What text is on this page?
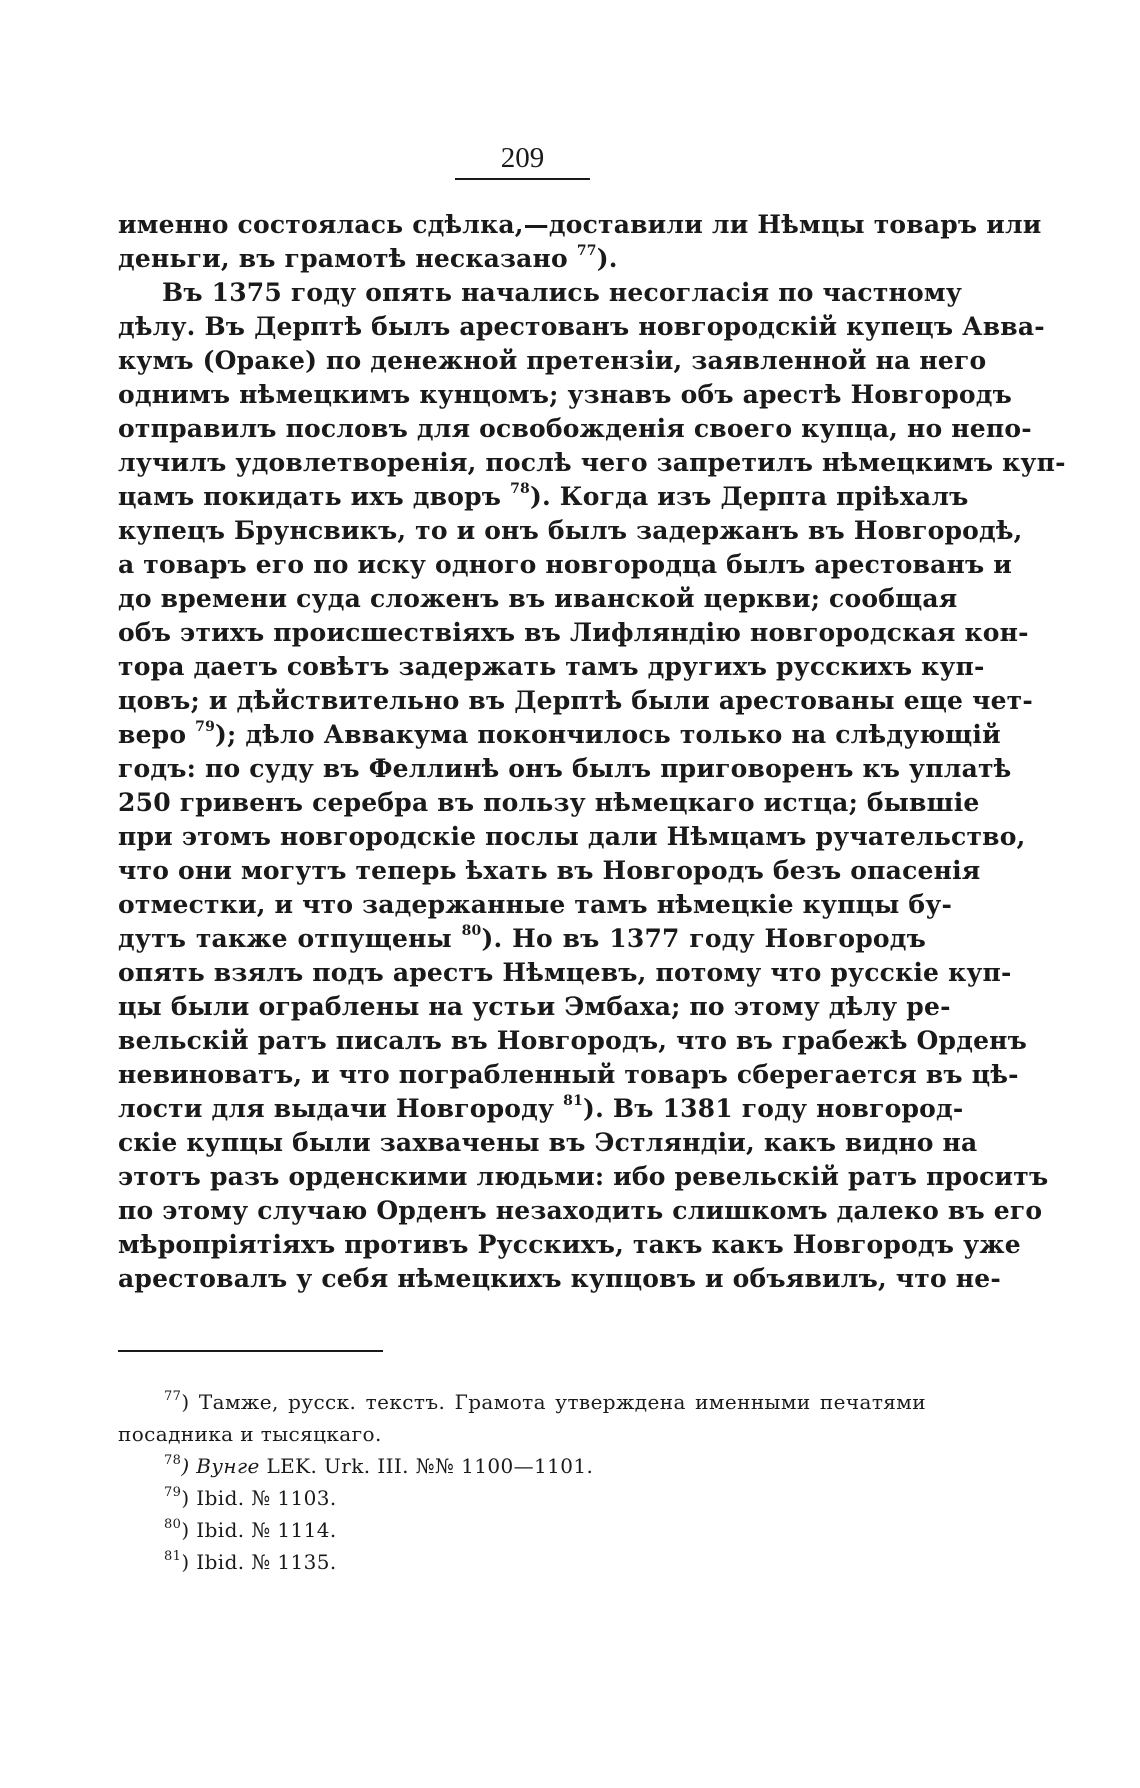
209
именно состоялась сдѣлка,—доставили ли Нѣмцы товаръ или
деньги, въ грамотѣ несказано $^{77}$).
Въ 1375 году опять начались несогласія по частному
дѣлу. Въ Дерптѣ былъ арестованъ новгородскій купецъ Авва-
кумъ (Ораке) по денежной претензіи, заявленной на него
однимъ нѣмецкимъ кунцомъ; узнавъ объ арестѣ Новгородъ
отправилъ пословъ для освобожденія своего купца, но непо-
лучилъ удовлетворенія, послѣ чего запретилъ нѣмецкимъ куп-
цамъ покидать ихъ дворъ $^{78}$). Когда изъ Дерпта пріѣхалъ
купецъ Брунсвикъ, то и онъ былъ задержанъ въ Новгородѣ,
а товаръ его по иску одного новгородца былъ арестованъ и
до времени суда сложенъ въ иванской церкви; сообщая
объ этихъ происшествіяхъ въ Лифляндію новгородская кон-
тора даетъ совѣтъ задержать тамъ другихъ русскихъ куп-
цовъ; и дѣйствительно въ Дерптѣ были арестованы еще чет-
веро $^{79}$); дѣло Аввакума покончилось только на слѣдующій
годъ: по суду въ Феллинѣ онъ былъ приговоренъ къ уплатѣ
250 гривенъ серебра въ пользу нѣмецкаго истца; бывшіе
при этомъ новгородскіе послы дали Нѣмцамъ ручательство,
что они могутъ теперь ѣхать въ Новгородъ безъ опасенія
отместки, и что задержанные тамъ нѣмецкіе купцы бу-
дутъ также отпущены $^{80}$). Но въ 1377 году Новгородъ
опять взялъ подъ арестъ Нѣмцевъ, потому что русскіе куп-
цы были ограблены на устьи Эмбаха; по этому дѣлу ре-
вельскій ратъ писалъ въ Новгородъ, что въ грабежѣ Орденъ
невиноватъ, и что пограбленный товаръ сберегается въ цѣ-
лости для выдачи Новгороду $^{81}$). Въ 1381 году новгород-
скіе купцы были захвачены въ Эстляндіи, какъ видно на
этотъ разъ орденскими людьми: ибо ревельскій ратъ проситъ
по этому случаю Орденъ незаходить слишкомъ далеко въ его
мѣропріятіяхъ противъ Русскихъ, такъ какъ Новгородъ уже
арестовалъ у себя нѣмецкихъ купцовъ и объявилъ, что не-
$^{77}$) Тамже, русск. текстъ. Грамота утверждена именными печатями
посадника и тысяцкаго.
$^{78}$) Вунге LEK. Urk. III. №№ 1100—1101.
$^{79}$) Ibid. № 1103.
$^{80}$) Ibid. № 1114.
$^{81}$) Ibid. № 1135.
